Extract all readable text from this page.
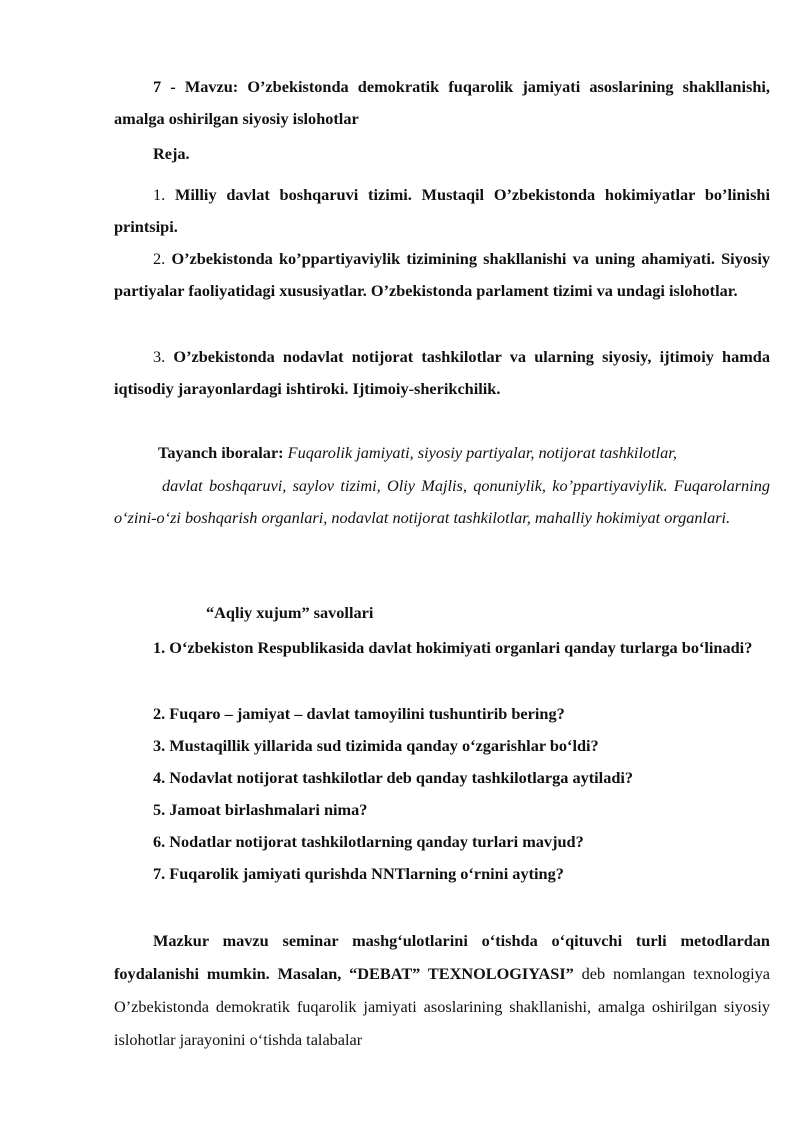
7 - Mavzu: O’zbekistonda demokratik fuqarolik jamiyati asoslarining shakllanishi, amalga oshirilgan siyosiy islohotlar

Reja.

1. Milliy davlat boshqaruvi tizimi. Mustaqil O’zbekistonda hokimiyatlar bo’linishi printsipi.

2. O’zbekistonda ko’ppartiyaviylik tizimining shakllanishi va uning ahamiyati. Siyosiy partiyalar faoliyatidagi xususiyatlar. O’zbekistonda parlament tizimi va undagi islohotlar.

3. O’zbekistonda nodavlat notijorat tashkilotlar va ularning siyosiy, ijtimoiy hamda iqtisodiy jarayonlardagi ishtiroki. Ijtimoiy-sherikchilik.

Tayanch iboralar: Fuqarolik jamiyati, siyosiy partiyalar, notijorat tashkilotlar,

davlat boshqaruvi, saylov tizimi, Oliy Majlis, qonuniylik, ko’ppartiyaviylik. Fuqarolarning o‘zini-o‘zi boshqarish organlari, nodavlat notijorat tashkilotlar, mahalliy hokimiyat organlari.

“Aqliy xujum” savollari

1. O‘zbekiston Respublikasida davlat hokimiyati organlari qanday turlarga bo‘linadi?

2. Fuqaro – jamiyat – davlat tamoyilini tushuntirib bering?

3. Mustaqillik yillarida sud tizimida qanday o‘zgarishlar bo‘ldi?

4. Nodavlat notijorat tashkilotlar deb qanday tashkilotlarga aytiladi?

5. Jamoat birlashmalari nima?

6. Nodatlar notijorat tashkilotlarning qanday turlari mavjud?

7. Fuqarolik jamiyati qurishda NNTlarning o‘rnini ayting?

Mazkur mavzu seminar mashg‘ulotlarini o‘tishda o‘qituvchi turli metodlardan foydalanishi mumkin. Masalan, “DEBAT” TEXNOLOGIYASI” deb nomlangan texnologiya O’zbekistonda demokratik fuqarolik jamiyati asoslarining shakllanishi, amalga oshirilgan siyosiy islohotlar jarayonini o‘tishda talabalar
